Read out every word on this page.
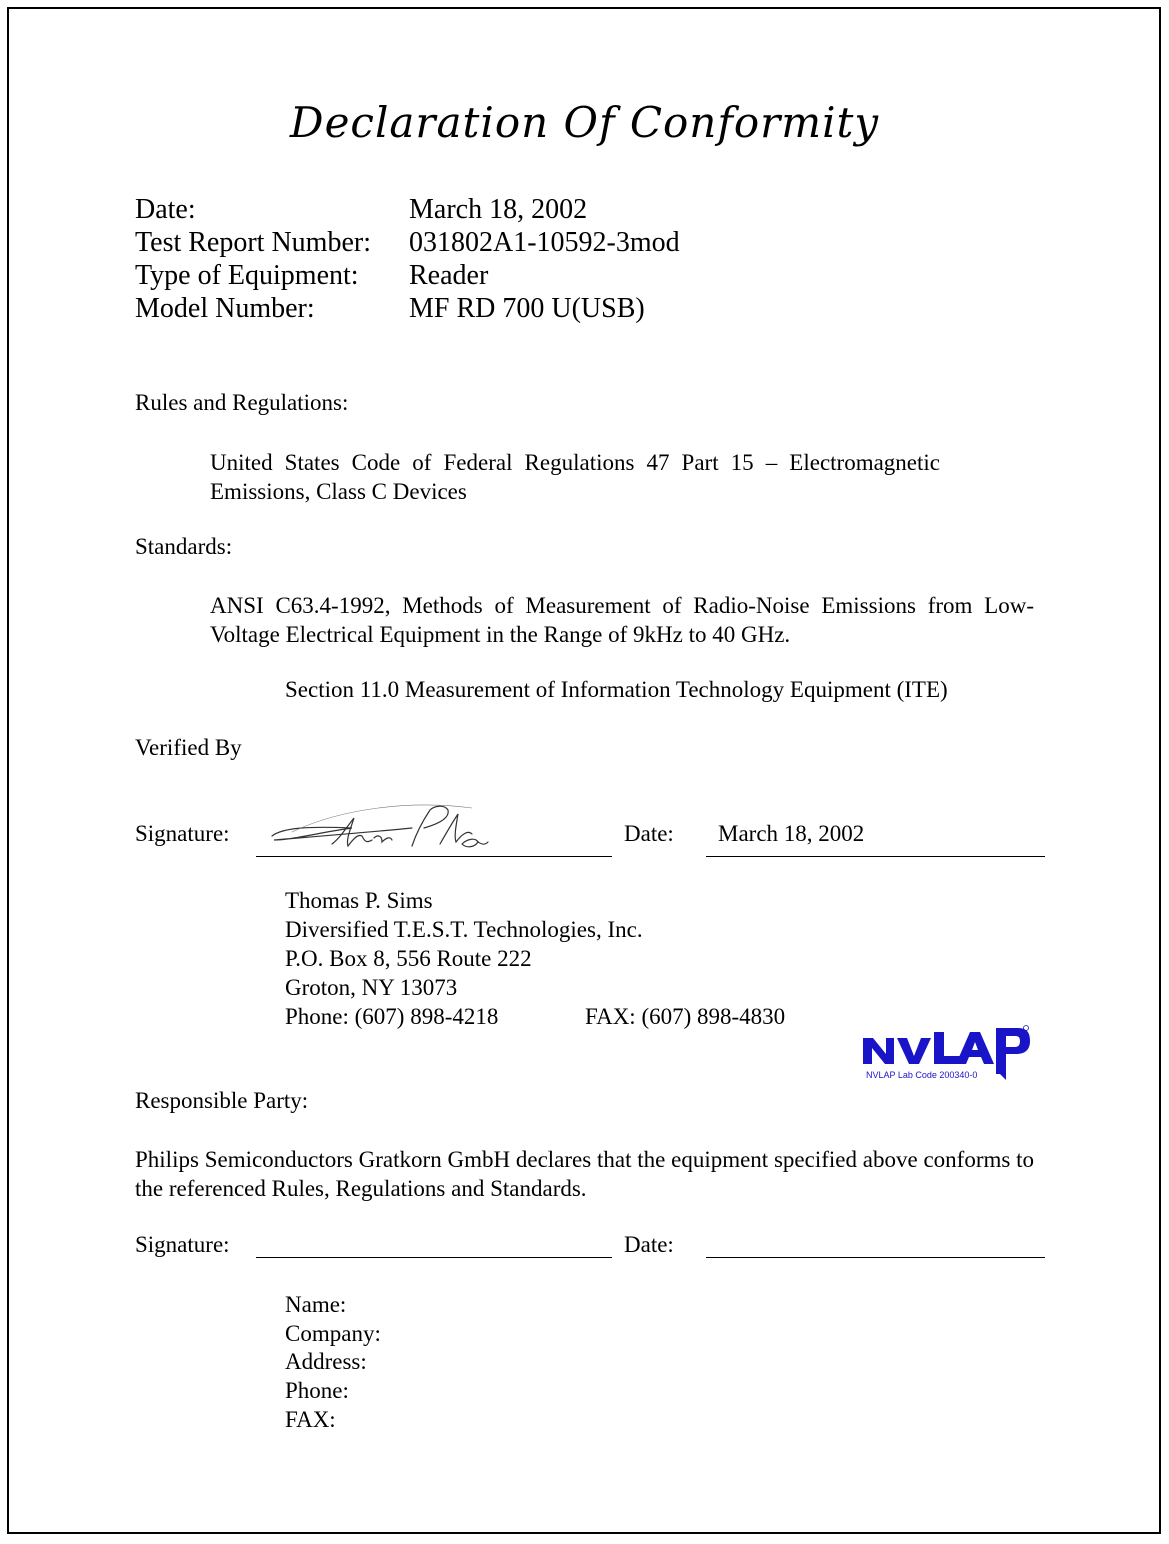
Declaration Of Conformity
Date:	March 18, 2002
Test Report Number: 031802A1-10592-3mod
Type of Equipment: Reader
Model Number:	MF RD 700 U(USB)
Rules and Regulations:
United States Code of Federal Regulations 47 Part 15 – Electromagnetic Emissions, Class C Devices
Standards:
ANSI C63.4-1992, Methods of Measurement of Radio-Noise Emissions from Low-Voltage Electrical Equipment in the Range of 9kHz to 40 GHz.
Section 11.0 Measurement of Information Technology Equipment (ITE)
Verified By
Signature:	Date: March 18, 2002
Thomas P. Sims
Diversified T.E.S.T. Technologies, Inc.
P.O. Box 8, 556 Route 222
Groton, NY 13073
Phone: (607) 898-4218	FAX: (607) 898-4830
NVLAP Lab Code 200340-0
Responsible Party:
Philips Semiconductors Gratkorn GmbH declares that the equipment specified above conforms to the referenced Rules, Regulations and Standards.
Signature:	Date:
Name:
Company:
Address:
Phone:
FAX:
